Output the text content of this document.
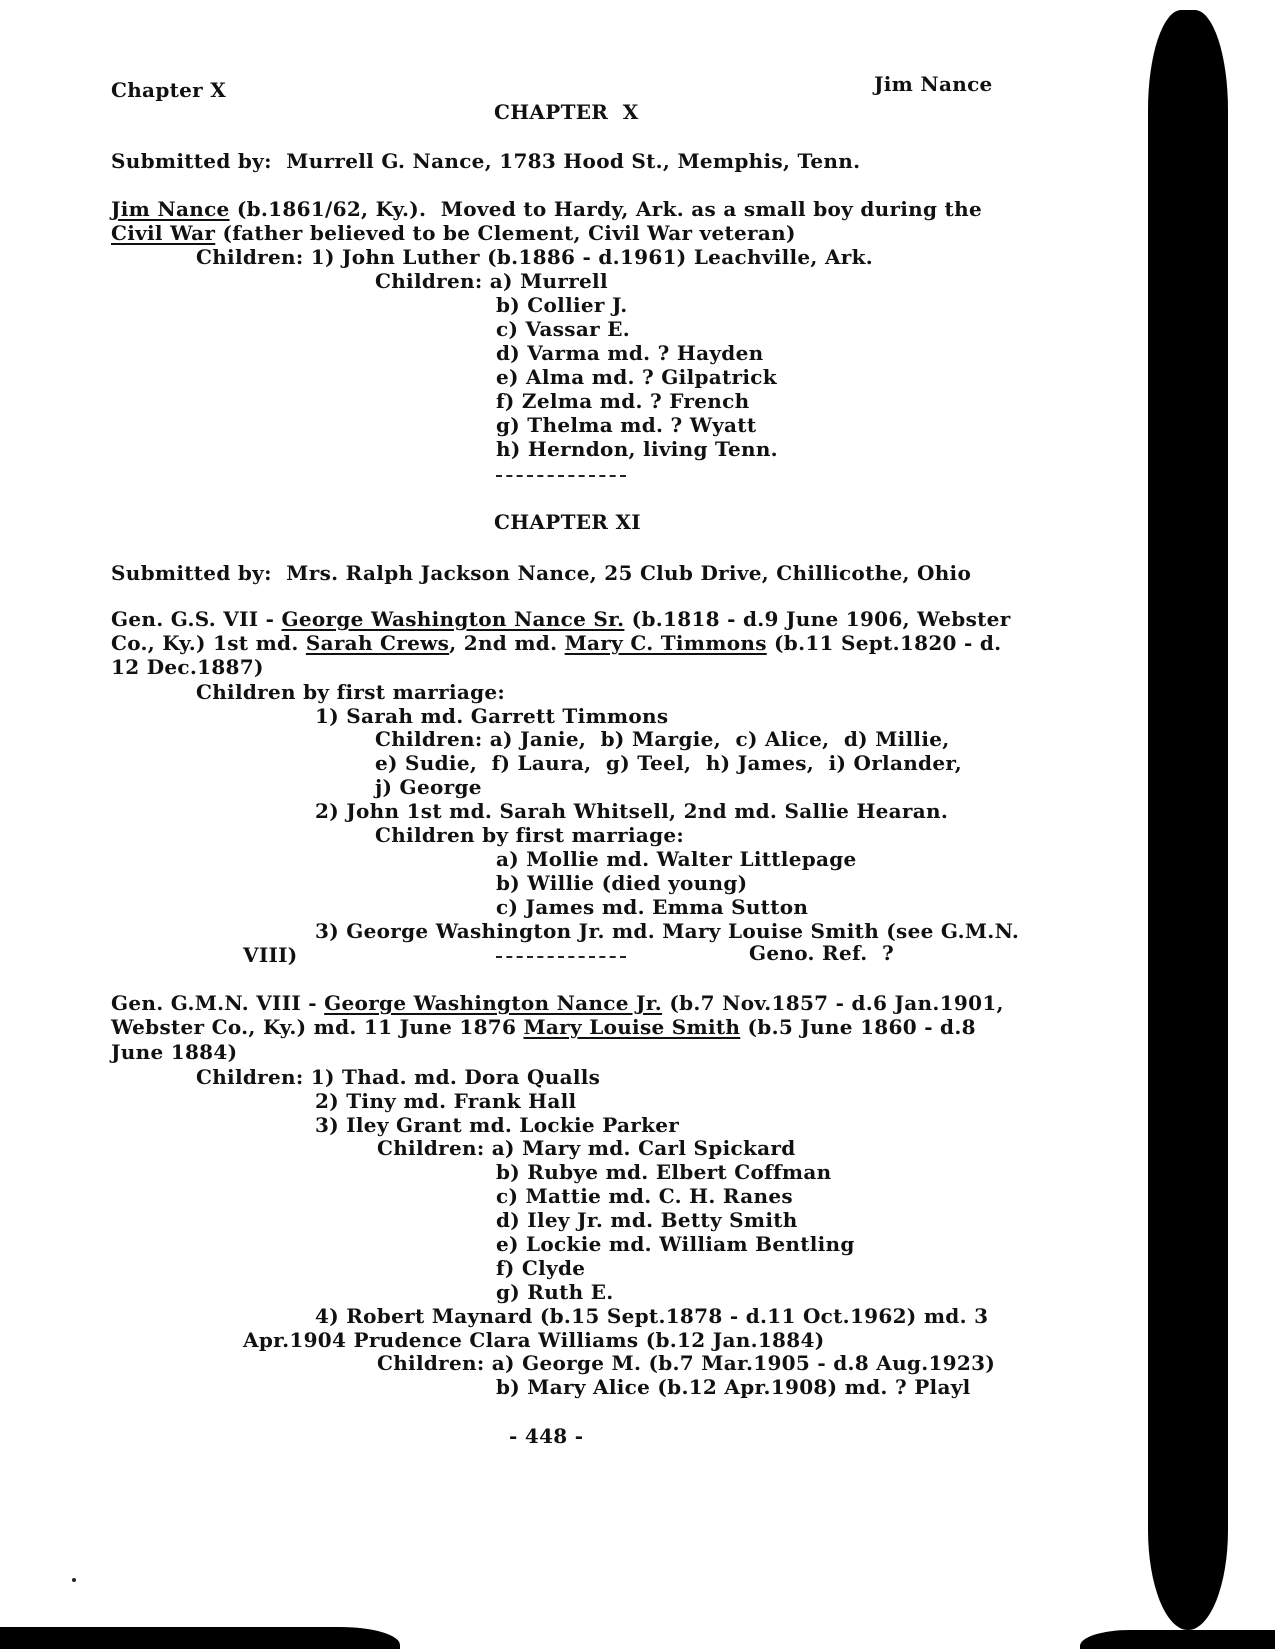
Chapter X	Jim Nance
CHAPTER  X
Submitted by:  Murrell G. Nance, 1783 Hood St., Memphis, Tenn.
Jim Nance (b.1861/62, Ky.).  Moved to Hardy, Ark. as a small boy during the
Civil War (father believed to be Clement, Civil War veteran)
Children: 1) John Luther (b.1886 - d.1961) Leachville, Ark.
Children: a) Murrell
b) Collier J.
c) Vassar E.
d) Varma md. ? Hayden
e) Alma md. ? Gilpatrick
f) Zelma md. ? French
g) Thelma md. ? Wyatt
h) Herndon, living Tenn.
CHAPTER XI
Submitted by:  Mrs. Ralph Jackson Nance, 25 Club Drive, Chillicothe, Ohio
Gen. G.S. VII - George Washington Nance Sr. (b.1818 - d.9 June 1906, Webster
Co., Ky.) 1st md. Sarah Crews, 2nd md. Mary C. Timmons (b.11 Sept.1820 - d.
12 Dec.1887)
Children by first marriage:
1) Sarah md. Garrett Timmons
Children: a) Janie,  b) Margie,  c) Alice,  d) Millie,
e) Sudie,  f) Laura,  g) Teel,  h) James,  i) Orlander,
j) George
2) John 1st md. Sarah Whitsell, 2nd md. Sallie Hearan.
Children by first marriage:
a) Mollie md. Walter Littlepage
b) Willie (died young)
c) James md. Emma Sutton
3) George Washington Jr. md. Mary Louise Smith (see G.M.N.
VIII)	Geno. Ref.  ?
Gen. G.M.N. VIII - George Washington Nance Jr. (b.7 Nov.1857 - d.6 Jan.1901,
Webster Co., Ky.) md. 11 June 1876 Mary Louise Smith (b.5 June 1860 - d.8
June 1884)
Children: 1) Thad. md. Dora Qualls
2) Tiny md. Frank Hall
3) Iley Grant md. Lockie Parker
Children: a) Mary md. Carl Spickard
b) Rubye md. Elbert Coffman
c) Mattie md. C. H. Ranes
d) Iley Jr. md. Betty Smith
e) Lockie md. William Bentling
f) Clyde
g) Ruth E.
4) Robert Maynard (b.15 Sept.1878 - d.11 Oct.1962) md. 3
Apr.1904 Prudence Clara Williams (b.12 Jan.1884)
Children: a) George M. (b.7 Mar.1905 - d.8 Aug.1923)
b) Mary Alice (b.12 Apr.1908) md. ? Playl
- 448 -
